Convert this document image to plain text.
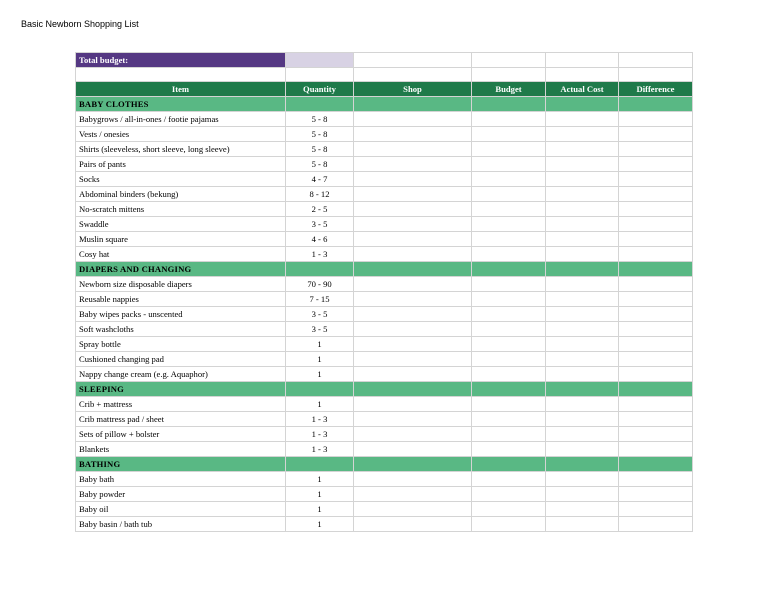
Basic Newborn Shopping List
Total budget:					

Item	Quantity	Shop	Budget	Actual Cost	Difference
BABY CLOTHES					
Babygrows / all-in-ones / footie pajamas	5 - 8				
Vests / onesies	5 - 8				
Shirts (sleeveless, short sleeve, long sleeve)	5 - 8				
Pairs of pants	5 - 8				
Socks	4 - 7				
Abdominal binders (bekung)	8 - 12				
No-scratch mittens	2 - 5				
Swaddle	3 - 5				
Muslin square	4 - 6				
Cosy hat	1 - 3				
DIAPERS AND CHANGING					
Newborn size disposable diapers	70 - 90				
Reusable nappies	7 - 15				
Baby wipes packs - unscented	3 - 5				
Soft washcloths	3 - 5				
Spray bottle	1				
Cushioned changing pad	1				
Nappy change cream (e.g. Aquaphor)	1				
SLEEPING					
Crib + mattress	1				
Crib mattress pad / sheet	1 - 3				
Sets of pillow + bolster	1 - 3				
Blankets	1 - 3				
BATHING					
Baby bath	1				
Baby powder	1				
Baby oil	1				
Baby basin / bath tub	1				
